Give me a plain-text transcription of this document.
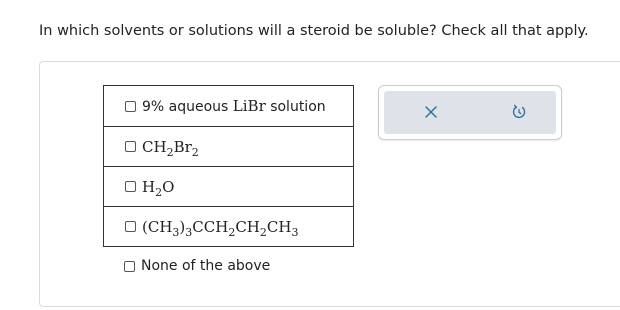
In which solvents or solutions will a steroid be soluble? Check all that apply.
9% aqueous LiBr solution
$CH_2Br_2$
$H_2O$
$(CH_3)_3CCH_2CH_2CH_3$
None of the above
